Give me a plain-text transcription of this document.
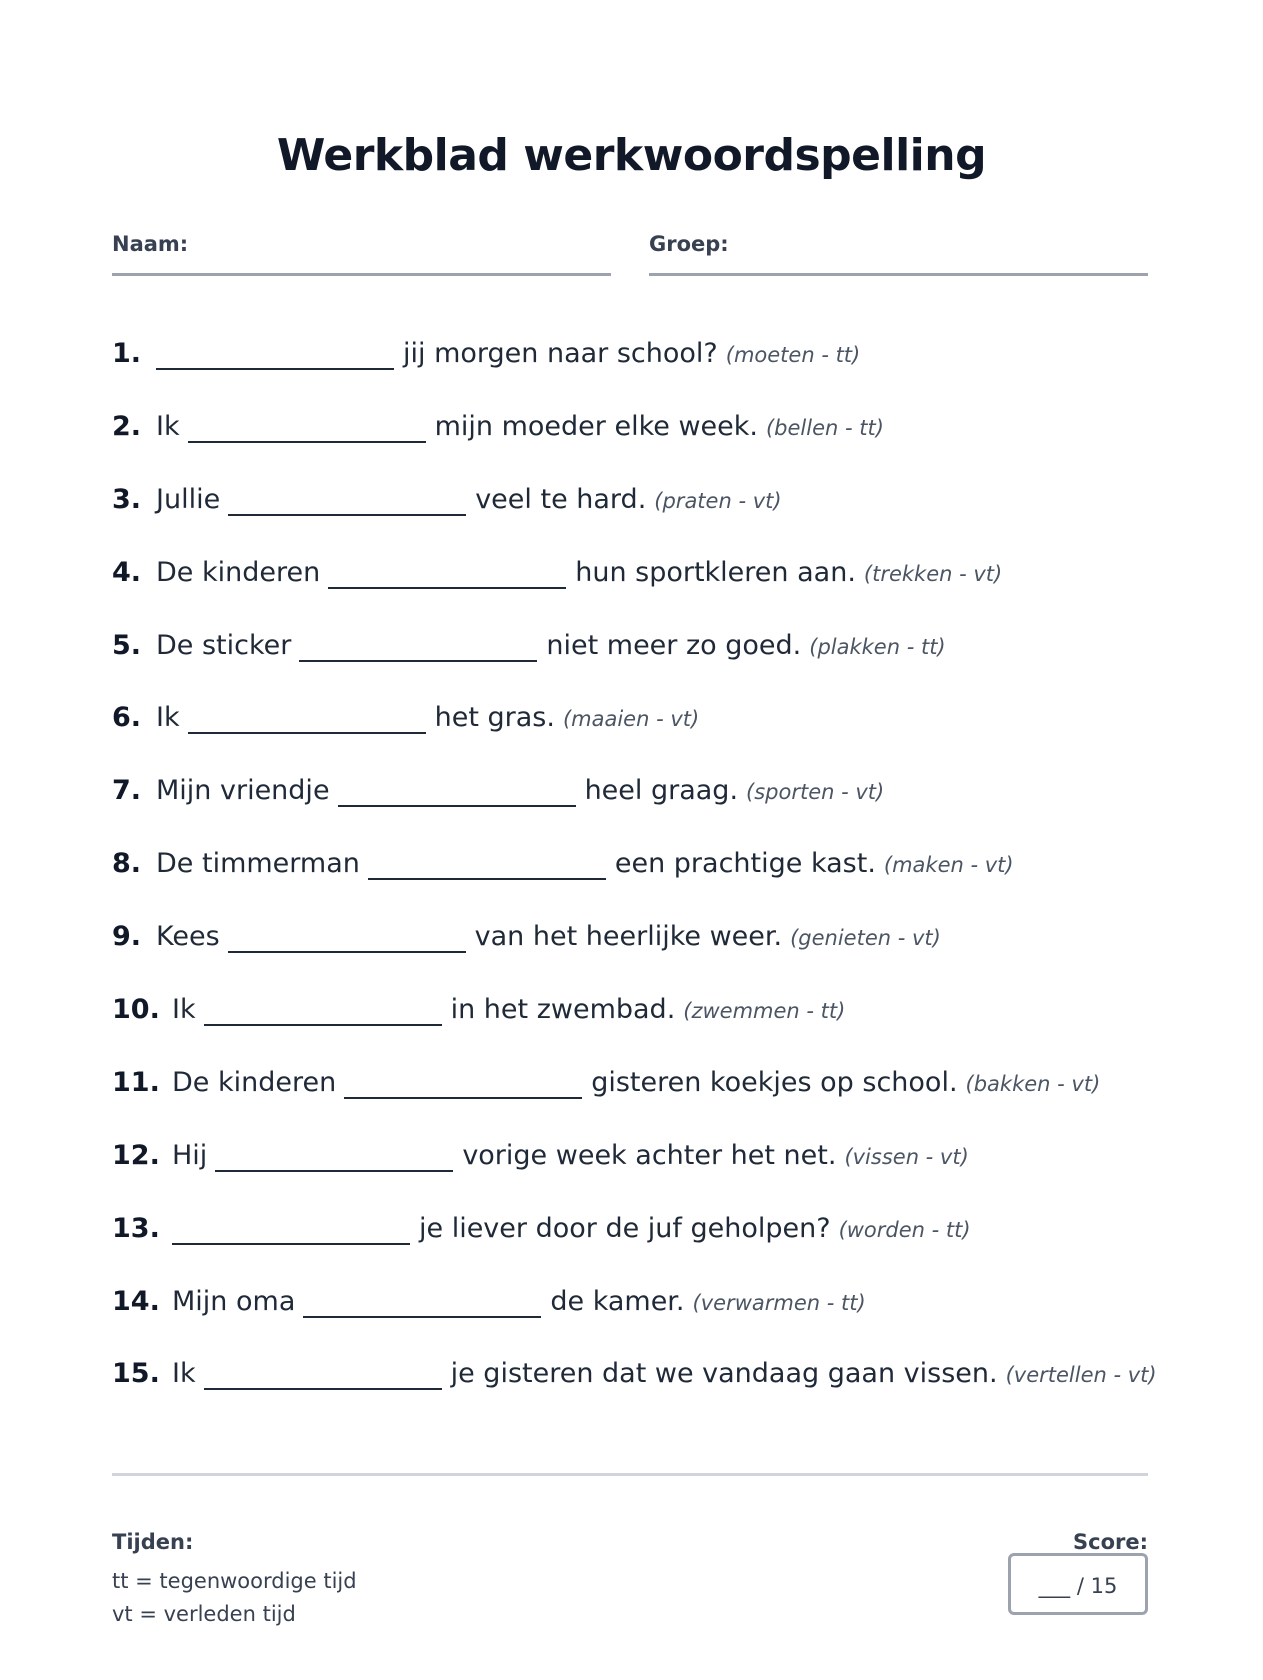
Werkblad werkwoordspelling
Naam:	Groep:
1.	jij morgen naar school? (moeten - tt)
2. Ik	mijn moeder elke week. (bellen - tt)
3. Jullie	veel te hard. (praten - vt)
4. De kinderen	hun sportkleren aan. (trekken - vt)
5. De sticker	niet meer zo goed. (plakken - tt)
6. Ik	het gras. (maaien - vt)
7. Mijn vriendje	heel graag. (sporten - vt)
8. De timmerman	een prachtige kast. (maken - vt)
9. Kees	van het heerlijke weer. (genieten - vt)
10. Ik	in het zwembad. (zwemmen - tt)
11. De kinderen	gisteren koekjes op school. (bakken - vt)
12. Hij	vorige week achter het net. (vissen - vt)
13.	je liever door de juf geholpen? (worden - tt)
14. Mijn oma	de kamer. (verwarmen - tt)
15. Ik	je gisteren dat we vandaag gaan vissen. (vertellen - vt)
Tijden:
tt = tegenwoordige tijd
vt = verleden tijd
Score:
___ / 15
